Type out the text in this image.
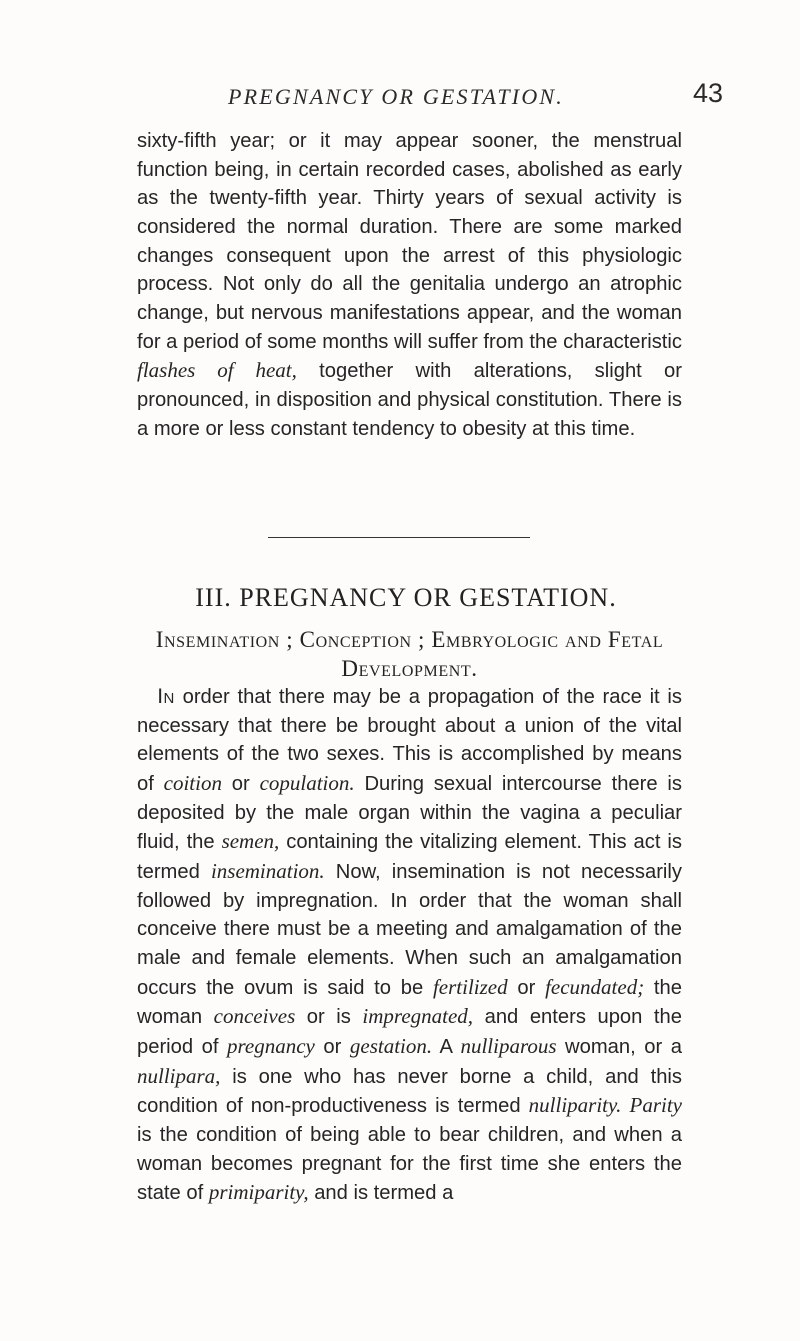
PREGNANCY OR GESTATION.	43

sixty-fifth year; or it may appear sooner, the menstrual function being, in certain recorded cases, abolished as early as the twenty-fifth year. Thirty years of sexual activity is considered the normal duration. There are some marked changes consequent upon the arrest of this physiologic process. Not only do all the genitalia undergo an atrophic change, but nervous manifestations appear, and the woman for a period of some months will suffer from the characteristic flashes of heat, together with alterations, slight or pronounced, in disposition and physical constitution. There is a more or less constant tendency to obesity at this time.

III. PREGNANCY OR GESTATION.
Insemination ; Conception ; Embryologic and Fetal
Development.

 In order that there may be a propagation of the race it is necessary that there be brought about a union of the vital elements of the two sexes. This is accomplished by means of coition or copulation. During sexual intercourse there is deposited by the male organ within the vagina a peculiar fluid, the semen, containing the vitalizing element. This act is termed insemination. Now, insemination is not necessarily followed by impregnation. In order that the woman shall conceive there must be a meeting and amalgamation of the male and female elements. When such an amalgamation occurs the ovum is said to be fertilized or fecundated; the woman conceives or is impregnated, and enters upon the period of pregnancy or gestation. A nulliparous woman, or a nullipara, is one who has never borne a child, and this condition of non-productiveness is termed nulliparity. Parity is the condition of being able to bear children, and when a woman becomes pregnant for the first time she enters the state of primiparity, and is termed a
